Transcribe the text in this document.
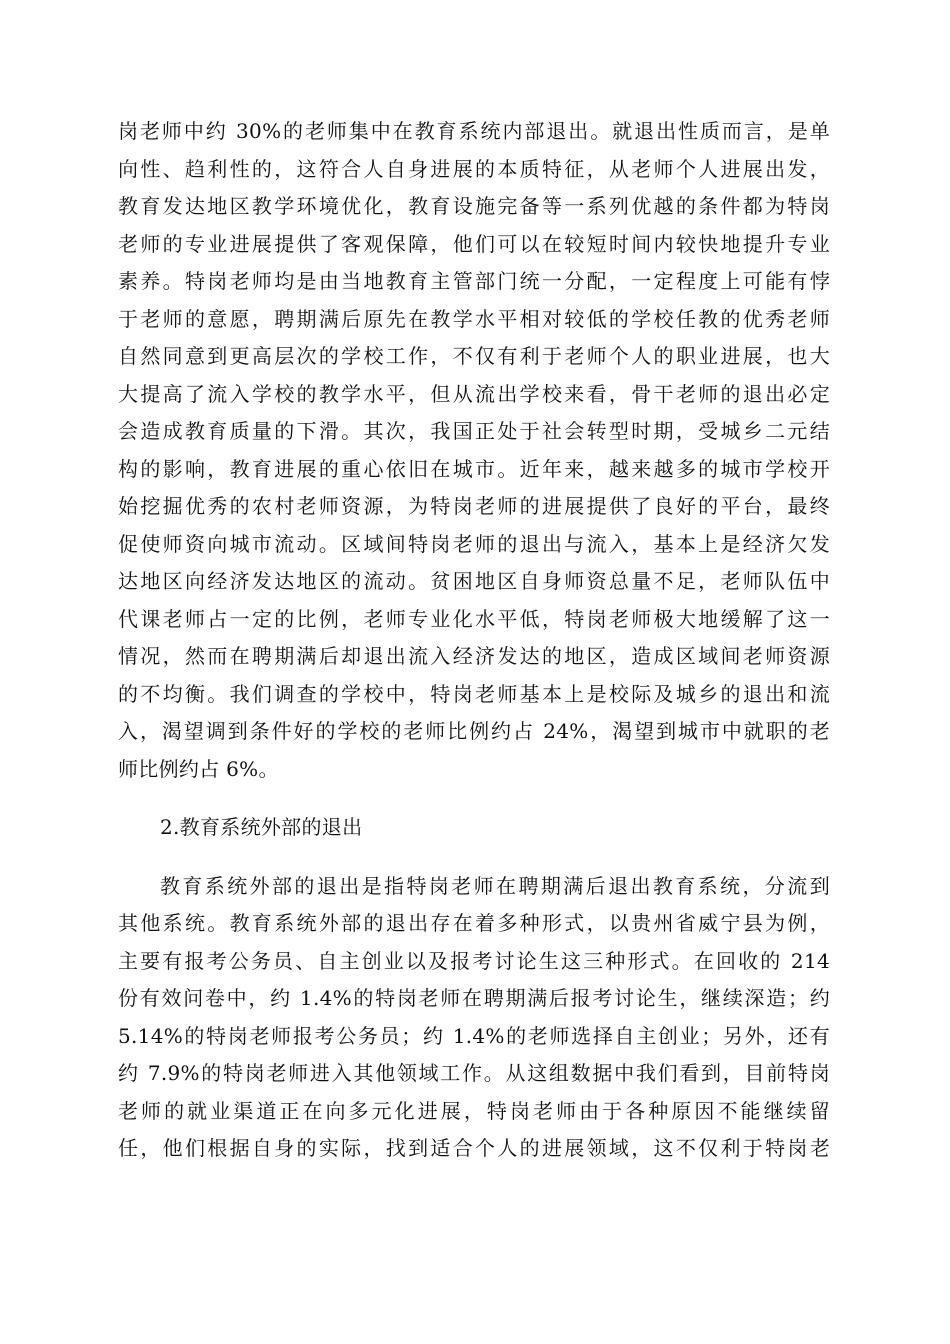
岗老师中约 30%的老师集中在教育系统内部退出。就退出性质而言，是单
向性、趋利性的，这符合人自身进展的本质特征，从老师个人进展出发，
教育发达地区教学环境优化，教育设施完备等一系列优越的条件都为特岗
老师的专业进展提供了客观保障，他们可以在较短时间内较快地提升专业
素养。特岗老师均是由当地教育主管部门统一分配，一定程度上可能有悖
于老师的意愿，聘期满后原先在教学水平相对较低的学校任教的优秀老师
自然同意到更高层次的学校工作，不仅有利于老师个人的职业进展，也大
大提高了流入学校的教学水平，但从流出学校来看，骨干老师的退出必定
会造成教育质量的下滑。其次，我国正处于社会转型时期，受城乡二元结
构的影响，教育进展的重心依旧在城市。近年来，越来越多的城市学校开
始挖掘优秀的农村老师资源，为特岗老师的进展提供了良好的平台，最终
促使师资向城市流动。区域间特岗老师的退出与流入，基本上是经济欠发
达地区向经济发达地区的流动。贫困地区自身师资总量不足，老师队伍中
代课老师占一定的比例，老师专业化水平低，特岗老师极大地缓解了这一
情况，然而在聘期满后却退出流入经济发达的地区，造成区域间老师资源
的不均衡。我们调查的学校中，特岗老师基本上是校际及城乡的退出和流
入，渴望调到条件好的学校的老师比例约占 24%，渴望到城市中就职的老
师比例约占 6%。
2.教育系统外部的退出
教育系统外部的退出是指特岗老师在聘期满后退出教育系统，分流到
其他系统。教育系统外部的退出存在着多种形式，以贵州省威宁县为例，
主要有报考公务员、自主创业以及报考讨论生这三种形式。在回收的 214
份有效问卷中，约 1.4%的特岗老师在聘期满后报考讨论生，继续深造；约
5.14%的特岗老师报考公务员；约 1.4%的老师选择自主创业；另外，还有
约 7.9%的特岗老师进入其他领域工作。从这组数据中我们看到，目前特岗
老师的就业渠道正在向多元化进展，特岗老师由于各种原因不能继续留
任，他们根据自身的实际，找到适合个人的进展领域，这不仅利于特岗老
